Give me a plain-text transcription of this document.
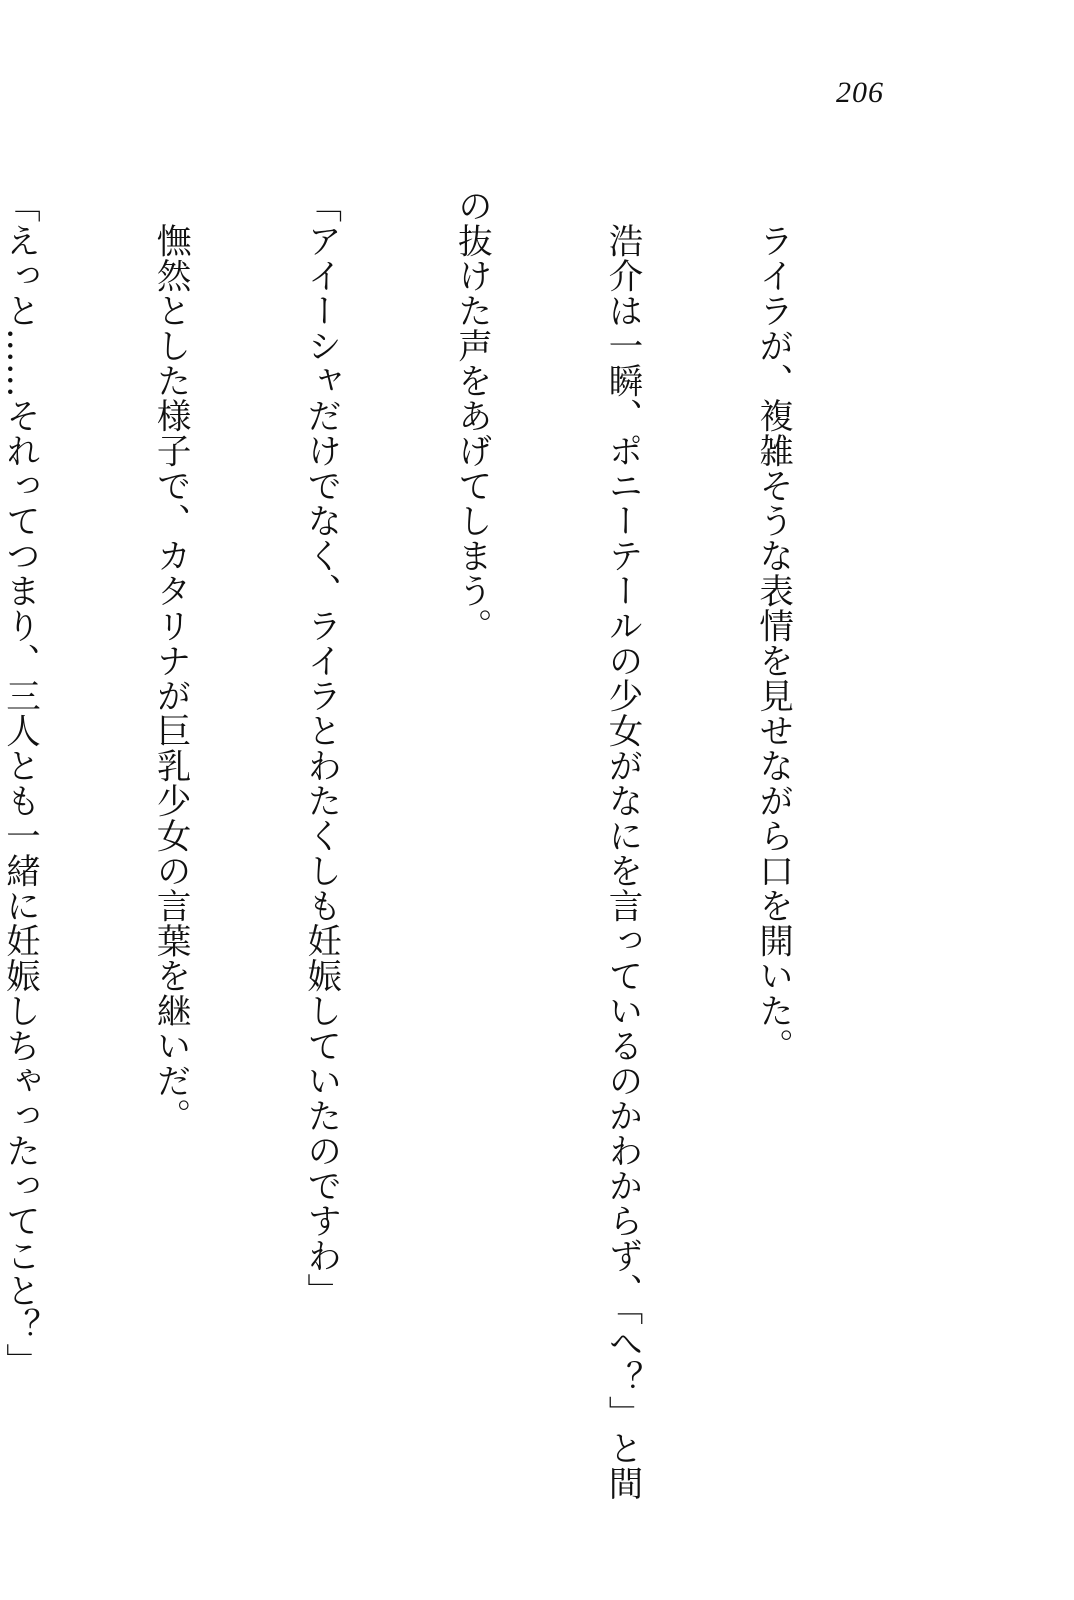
206

　ライラが、複雑そうな表情を見せながら口を開いた。

　浩介は一瞬、ポニーテールの少女がなにを言っているのかわからず、「へ？」と間

の抜けた声をあげてしまう。

「アイーシャだけでなく、ライラとわたくしも妊娠していたのですわ」

　憮然とした様子で、カタリナが巨乳少女の言葉を継いだ。

「えっと……それってつまり、三人とも一緒に妊娠しちゃったってこと？」
